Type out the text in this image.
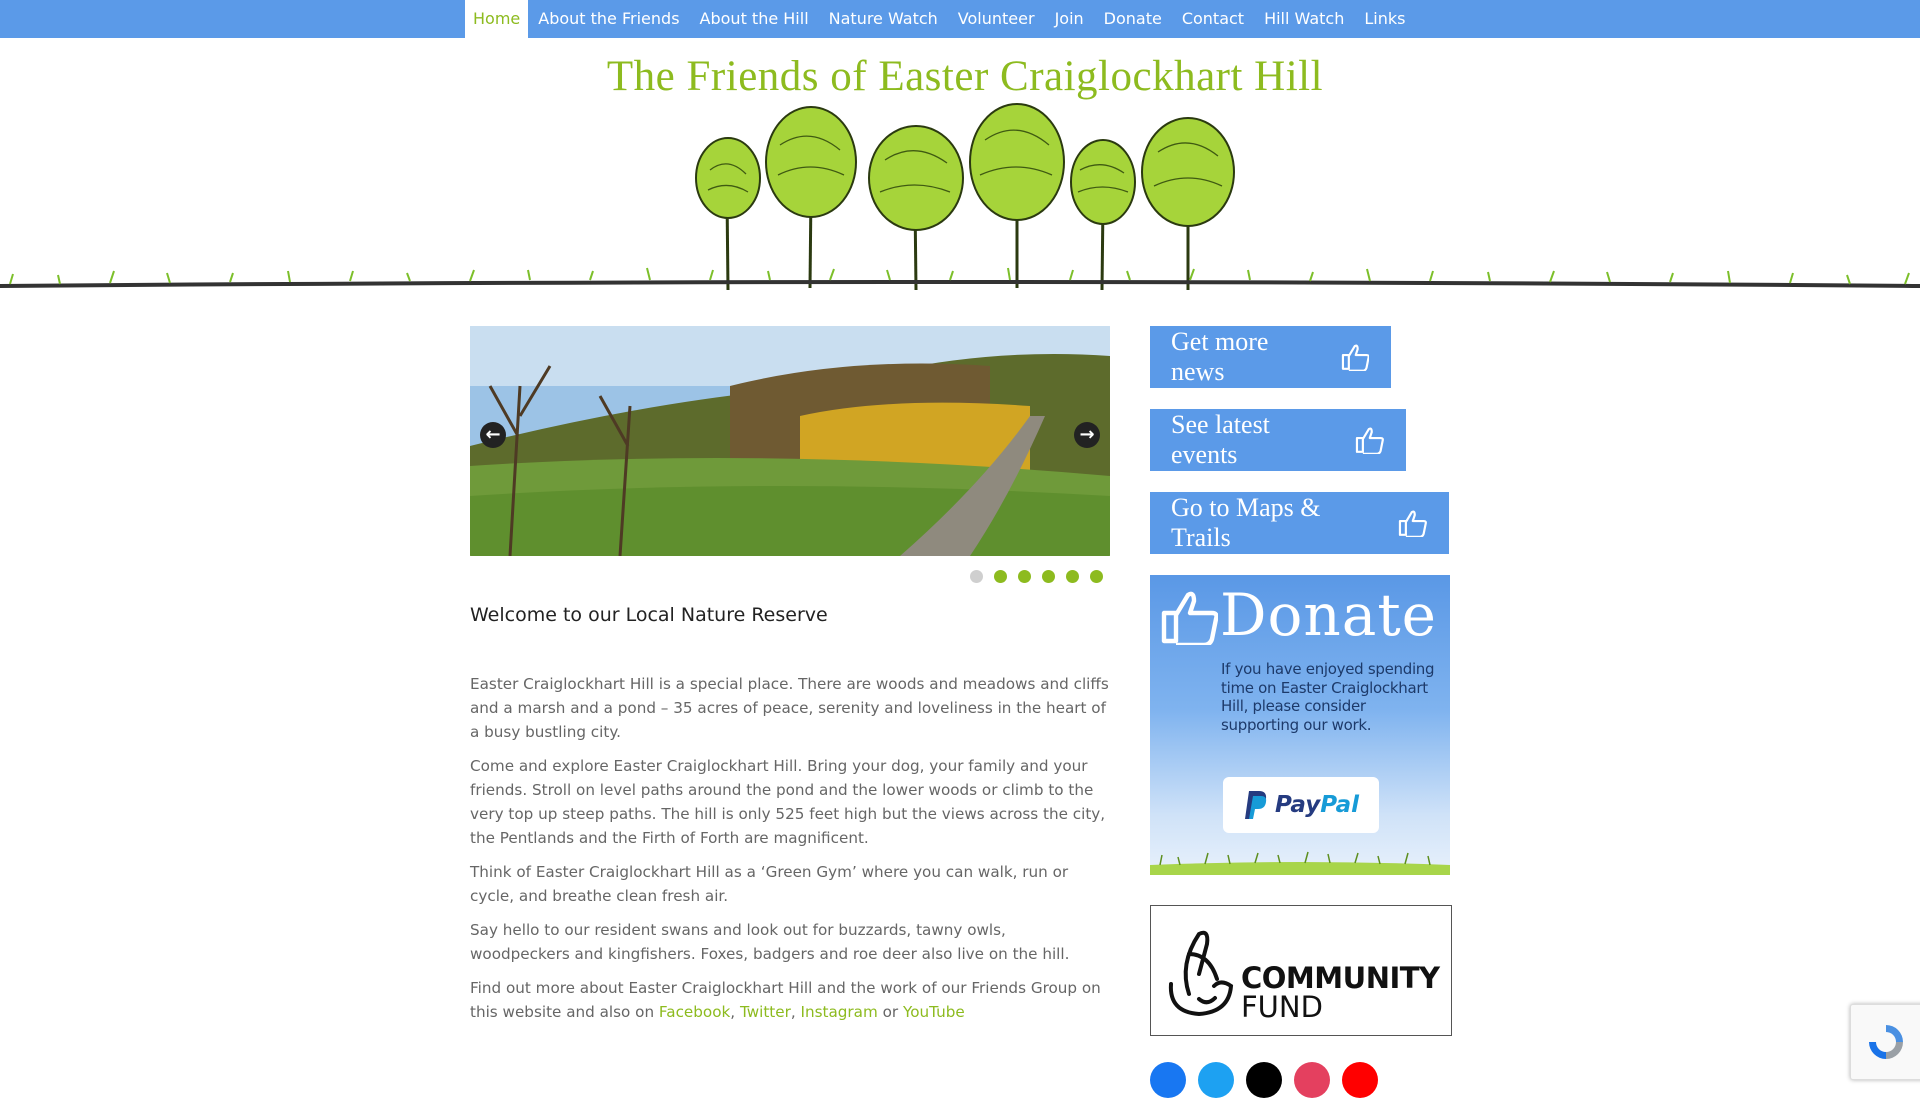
Home	About the Friends	About the Hill	Nature Watch	Volunteer	Join	Donate	Contact	Hill Watch	Links
The Friends of Easter Craiglockhart Hill
←	→
Welcome to our Local Nature Reserve

Easter Craiglockhart Hill is a special place. There are woods and meadows and cliffs and a marsh and a pond – 35 acres of peace, serenity and loveliness in the heart of a busy bustling city.

Come and explore Easter Craiglockhart Hill. Bring your dog, your family and your friends. Stroll on level paths around the pond and the lower woods or climb to the very top up steep paths. The hill is only 525 feet high but the views across the city, the Pentlands and the Firth of Forth are magnificent.

Think of Easter Craiglockhart Hill as a ‘Green Gym’ where you can walk, run or cycle, and breathe clean fresh air.

Say hello to our resident swans and look out for buzzards, tawny owls, woodpeckers and kingfishers. Foxes, badgers and roe deer also live on the hill.

Find out more about Easter Craiglockhart Hill and the work of our Friends Group on this website and also on Facebook, Twitter, Instagram or YouTube

Get more news
See latest events
Go to Maps & Trails
Donate
If you have enjoyed spending time on Easter Craiglockhart Hill, please consider supporting our work.
PayPal
COMMUNITY
FUND
